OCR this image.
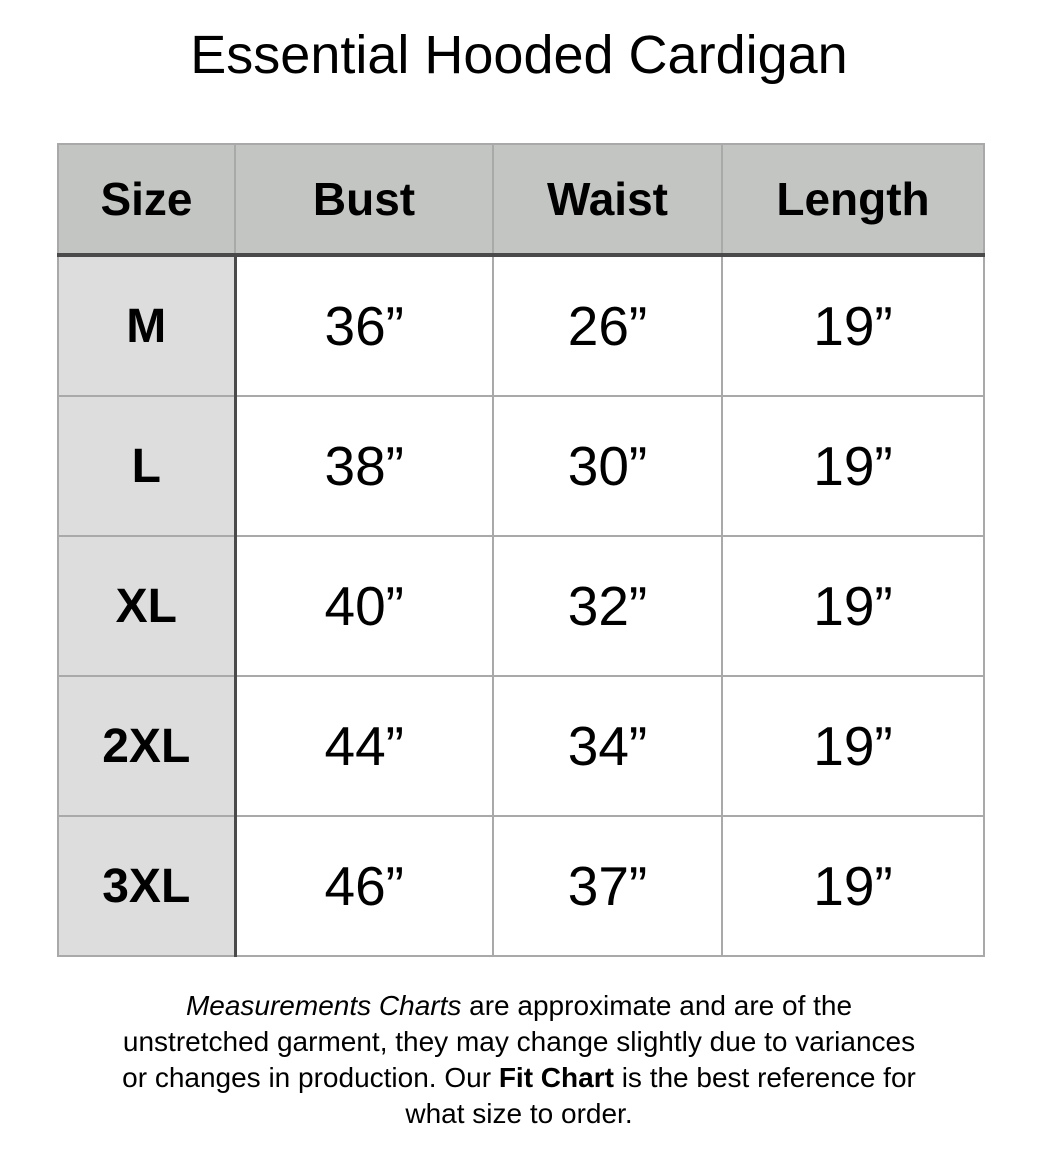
Essential Hooded Cardigan
Size	Bust	Waist	Length
M	36”	26”	19”
L	38”	30”	19”
XL	40”	32”	19”
2XL	44”	34”	19”
3XL	46”	37”	19”
Measurements Charts are approximate and are of the
unstretched garment, they may change slightly due to variances
or changes in production. Our Fit Chart is the best reference for
what size to order.
